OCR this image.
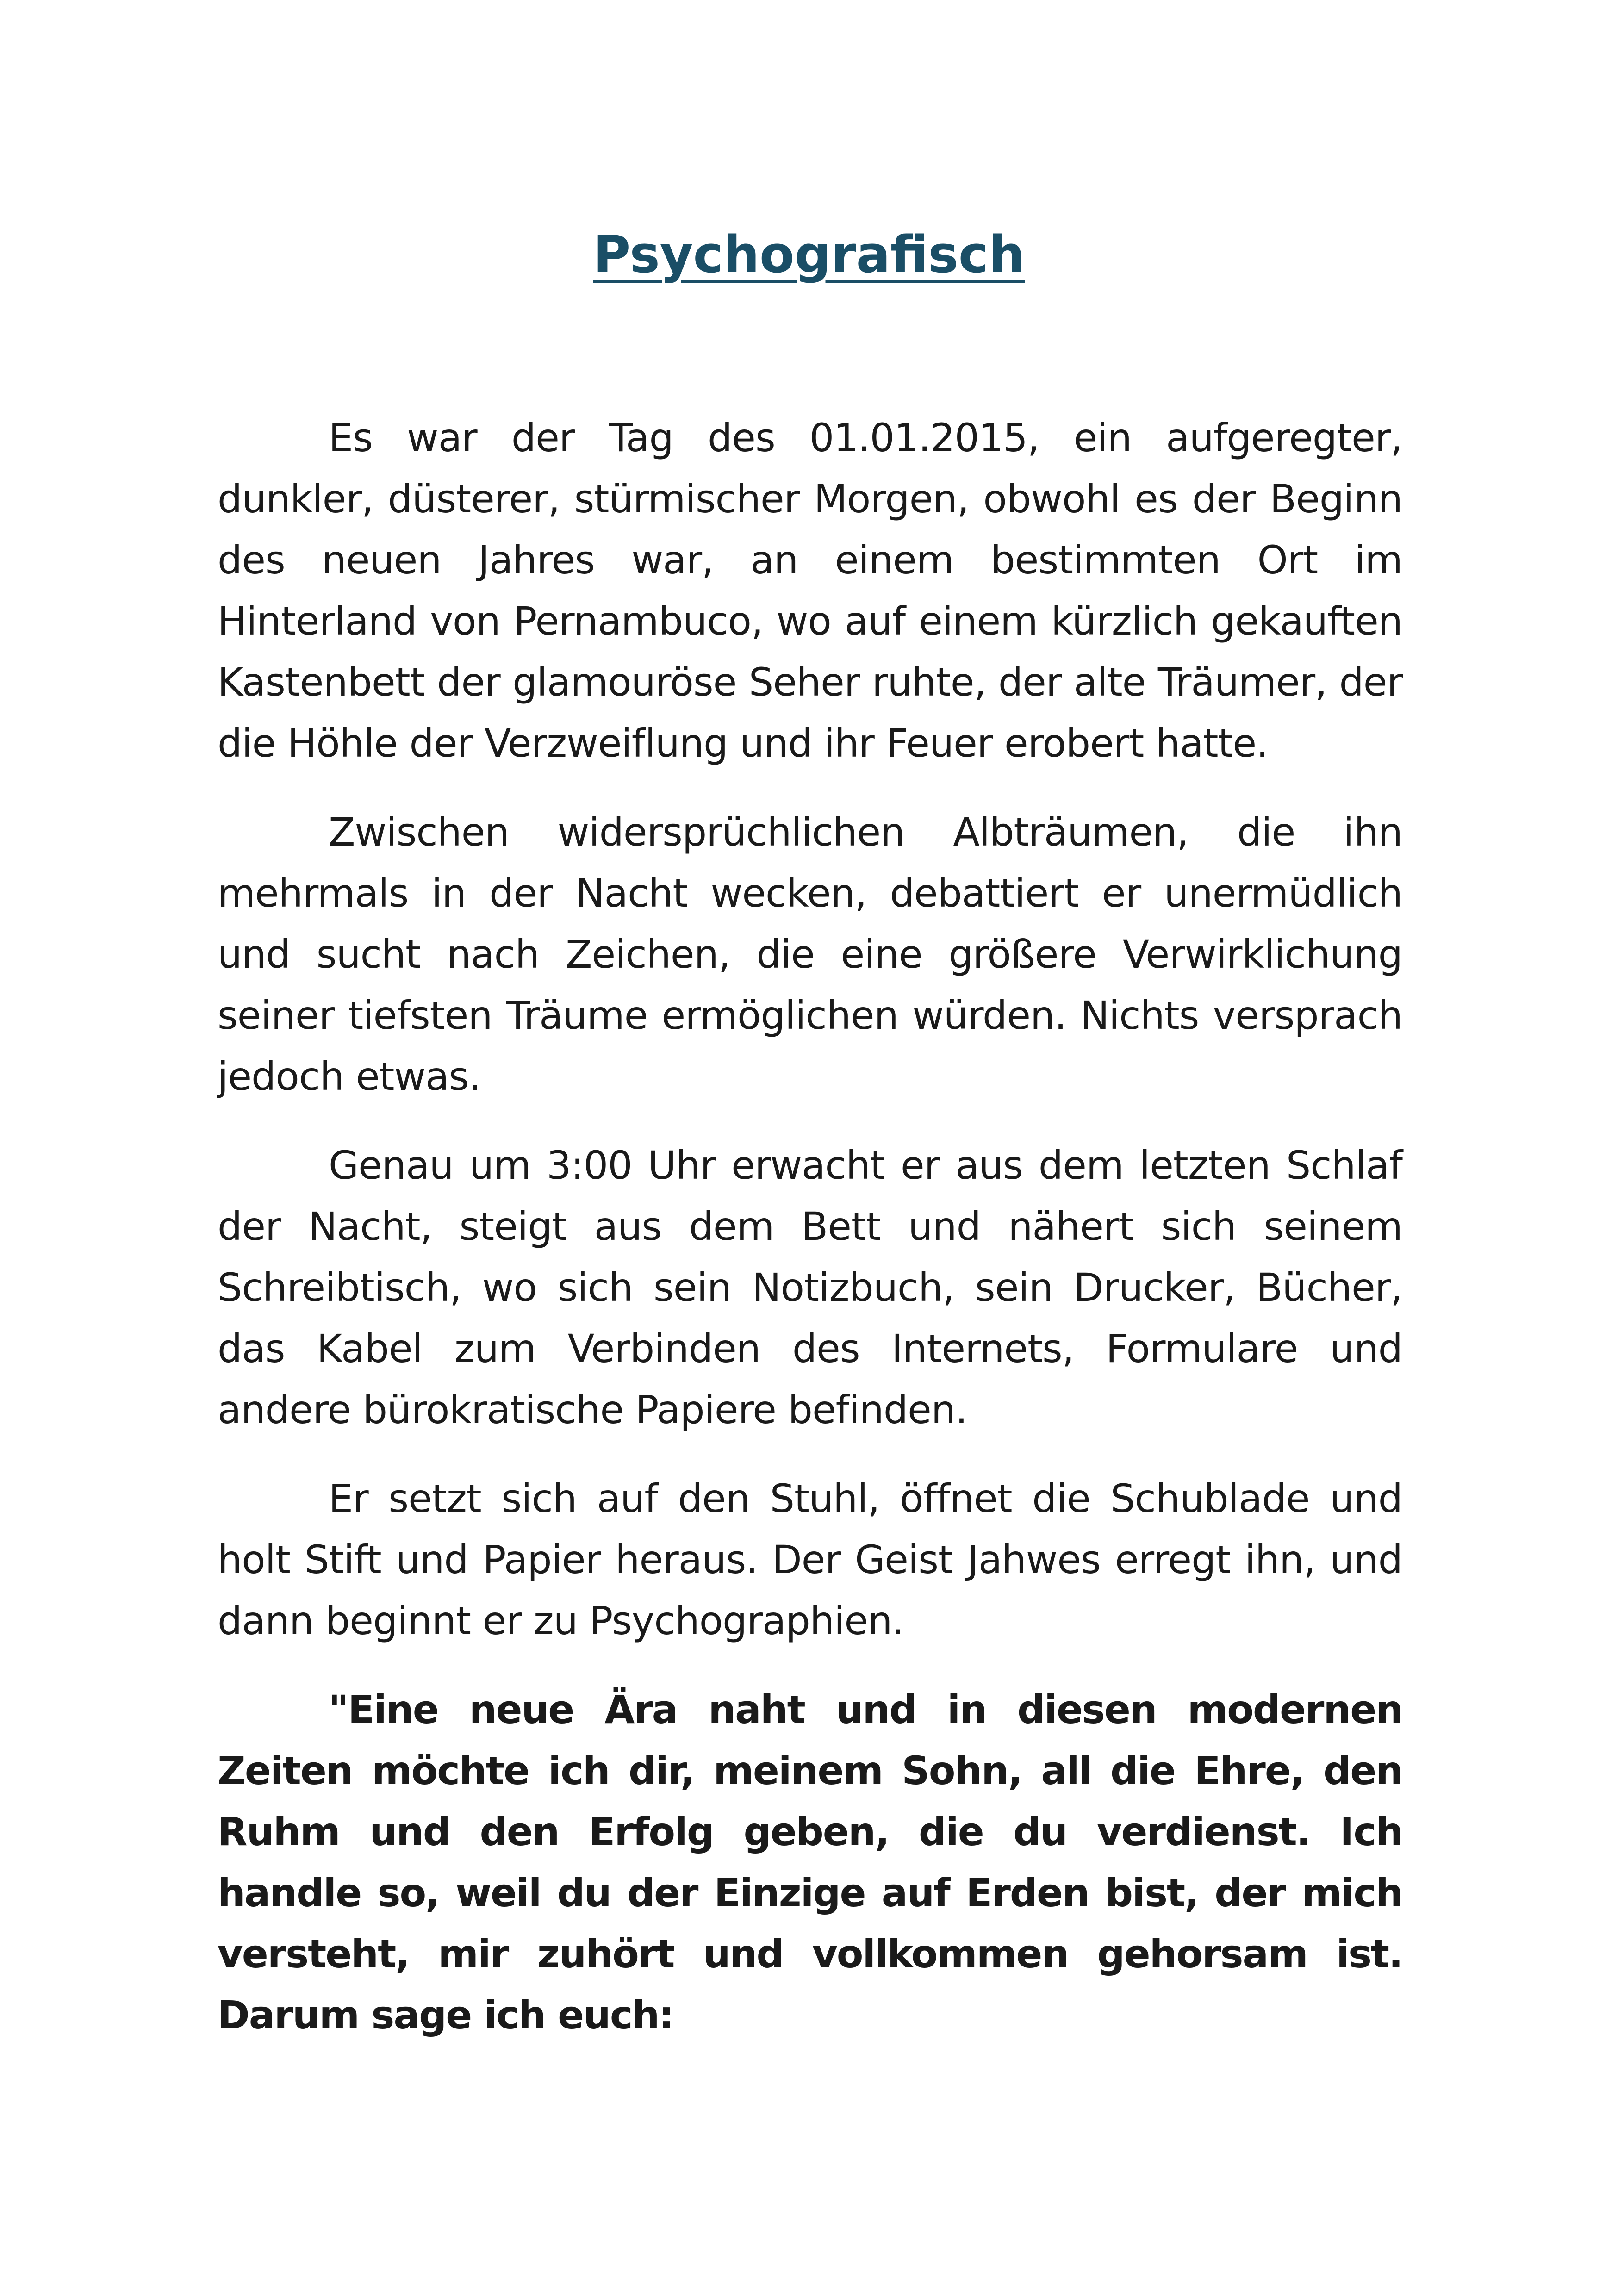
Psychografisch

Es war der Tag des 01.01.2015, ein aufgeregter, dunkler, düsterer, stürmischer Morgen, obwohl es der Beginn des neuen Jahres war, an einem bestimmten Ort im Hinterland von Pernambuco, wo auf einem kürzlich gekauften Kastenbett der glamouröse Seher ruhte, der alte Träumer, der die Höhle der Verzweiflung und ihr Feuer erobert hatte.

Zwischen widersprüchlichen Albträumen, die ihn mehrmals in der Nacht wecken, debattiert er unermüdlich und sucht nach Zeichen, die eine größere Verwirklichung seiner tiefsten Träume ermöglichen würden. Nichts versprach jedoch etwas.

Genau um 3:00 Uhr erwacht er aus dem letzten Schlaf der Nacht, steigt aus dem Bett und nähert sich seinem Schreibtisch, wo sich sein Notizbuch, sein Drucker, Bücher, das Kabel zum Verbinden des Internets, Formulare und andere bürokratische Papiere befinden.

Er setzt sich auf den Stuhl, öffnet die Schublade und holt Stift und Papier heraus. Der Geist Jahwes erregt ihn, und dann beginnt er zu Psychographien.

"Eine neue Ära naht und in diesen modernen Zeiten möchte ich dir, meinem Sohn, all die Ehre, den Ruhm und den Erfolg geben, die du verdienst. Ich handle so, weil du der Einzige auf Erden bist, der mich versteht, mir zuhört und vollkommen gehorsam ist. Darum sage ich euch:
